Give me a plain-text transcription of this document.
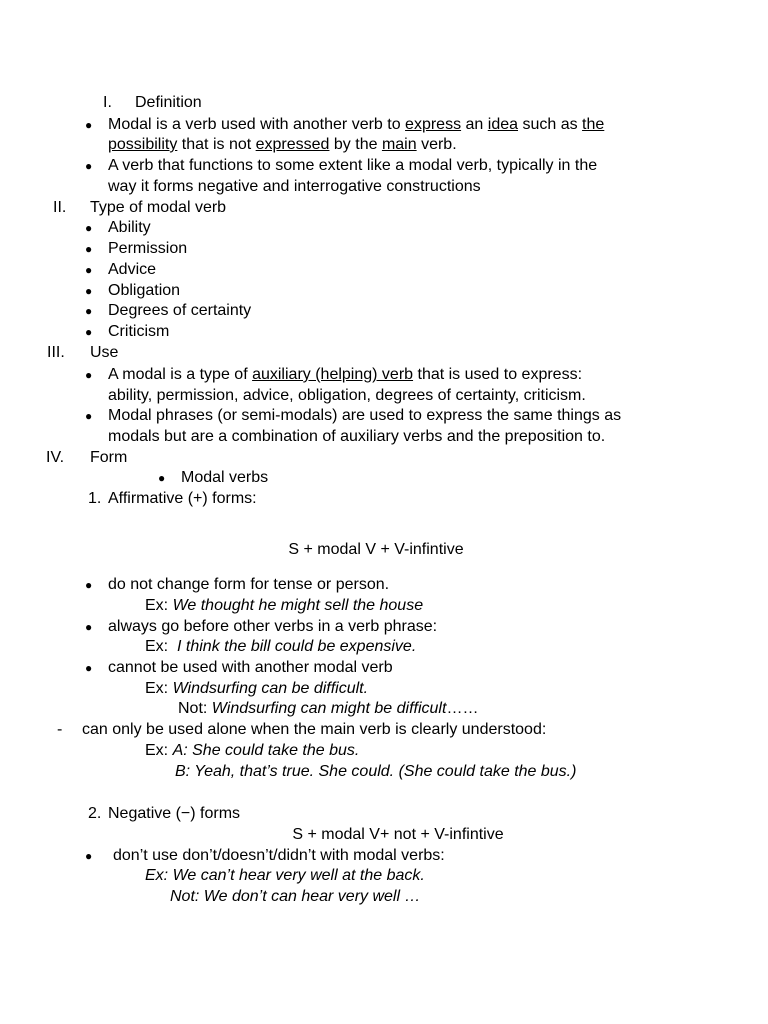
I. Definition
● Modal is a verb used with another verb to express an idea such as the
possibility that is not expressed by the main verb.
● A verb that functions to some extent like a modal verb, typically in the
way it forms negative and interrogative constructions
II. Type of modal verb
● Ability
● Permission
● Advice
● Obligation
● Degrees of certainty
● Criticism
III. Use
● A modal is a type of auxiliary (helping) verb that is used to express:
ability, permission, advice, obligation, degrees of certainty, criticism.
● Modal phrases (or semi-modals) are used to express the same things as
modals but are a combination of auxiliary verbs and the preposition to.
IV. Form
● Modal verbs
1. Affirmative (+) forms:
S + modal V + V-infintive
● do not change form for tense or person.
Ex: We thought he might sell the house
● always go before other verbs in a verb phrase:
Ex:  I think the bill could be expensive.
● cannot be used with another modal verb
Ex: Windsurfing can be difficult.
Not: Windsurfing can might be difficult……
- can only be used alone when the main verb is clearly understood:
Ex: A: She could take the bus.
B: Yeah, that’s true. She could. (She could take the bus.)
2. Negative (−) forms
S + modal V+ not + V-infintive
● don’t use don’t/doesn’t/didn’t with modal verbs:
Ex: We can’t hear very well at the back.
Not: We don’t can hear very well …
